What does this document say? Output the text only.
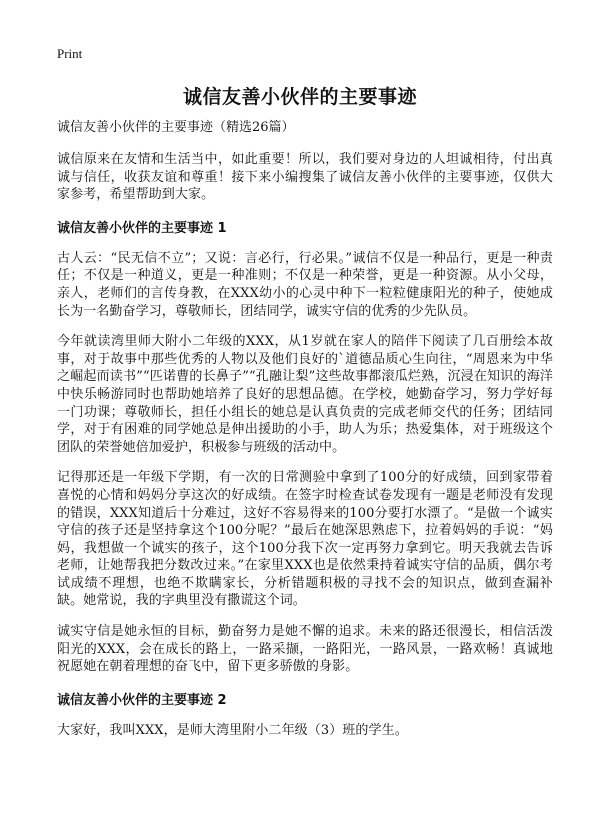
Print
诚信友善小伙伴的主要事迹
诚信友善小伙伴的主要事迹（精选26篇）

诚信原来在友情和生活当中，如此重要！所以，我们要对身边的人坦诚相待，付出真诚与信任，收获友谊和尊重！接下来小编搜集了诚信友善小伙伴的主要事迹，仅供大家参考，希望帮助到大家。

诚信友善小伙伴的主要事迹 1

古人云：“民无信不立”；又说：言必行，行必果。”诚信不仅是一种品行，更是一种责任；不仅是一种道义，更是一种准则；不仅是一种荣誉，更是一种资源。从小父母，亲人，老师们的言传身教，在XXX幼小的心灵中种下一粒粒健康阳光的种子，使她成长为一名勤奋学习，尊敬师长，团结同学，诚实守信的优秀的少先队员。

今年就读湾里师大附小二年级的XXX，从1岁就在家人的陪伴下阅读了几百册绘本故事，对于故事中那些优秀的人物以及他们良好的`道德品质心生向往，“周恩来为中华之崛起而读书”“匹诺曹的长鼻子”“孔融让梨”这些故事都滚瓜烂熟，沉浸在知识的海洋中快乐畅游同时也帮助她培养了良好的思想品德。在学校，她勤奋学习，努力学好每一门功课；尊敬师长，担任小组长的她总是认真负责的完成老师交代的任务；团结同学，对于有困难的同学她总是伸出援助的小手，助人为乐；热爱集体，对于班级这个团队的荣誉她倍加爱护，积极参与班级的活动中。

记得那还是一年级下学期，有一次的日常测验中拿到了100分的好成绩，回到家带着喜悦的心情和妈妈分享这次的好成绩。在签字时检查试卷发现有一题是老师没有发现的错误，XXX知道后十分难过，这好不容易得来的100分要打水漂了。“是做一个诚实守信的孩子还是坚持拿这个100分呢？”最后在她深思熟虑下，拉着妈妈的手说：“妈妈，我想做一个诚实的孩子，这个100分我下次一定再努力拿到它。明天我就去告诉老师，让她帮我把分数改过来。”在家里XXX也是依然秉持着诚实守信的品质，偶尔考试成绩不理想，也绝不欺瞒家长，分析错题积极的寻找不会的知识点，做到查漏补缺。她常说，我的字典里没有撒谎这个词。

诚实守信是她永恒的目标，勤奋努力是她不懈的追求。未来的路还很漫长，相信活泼阳光的XXX，会在成长的路上，一路采撷，一路阳光，一路风景，一路欢畅！真诚地祝愿她在朝着理想的奋飞中，留下更多骄傲的身影。

诚信友善小伙伴的主要事迹 2

大家好，我叫XXX，是师大湾里附小二年级（3）班的学生。
